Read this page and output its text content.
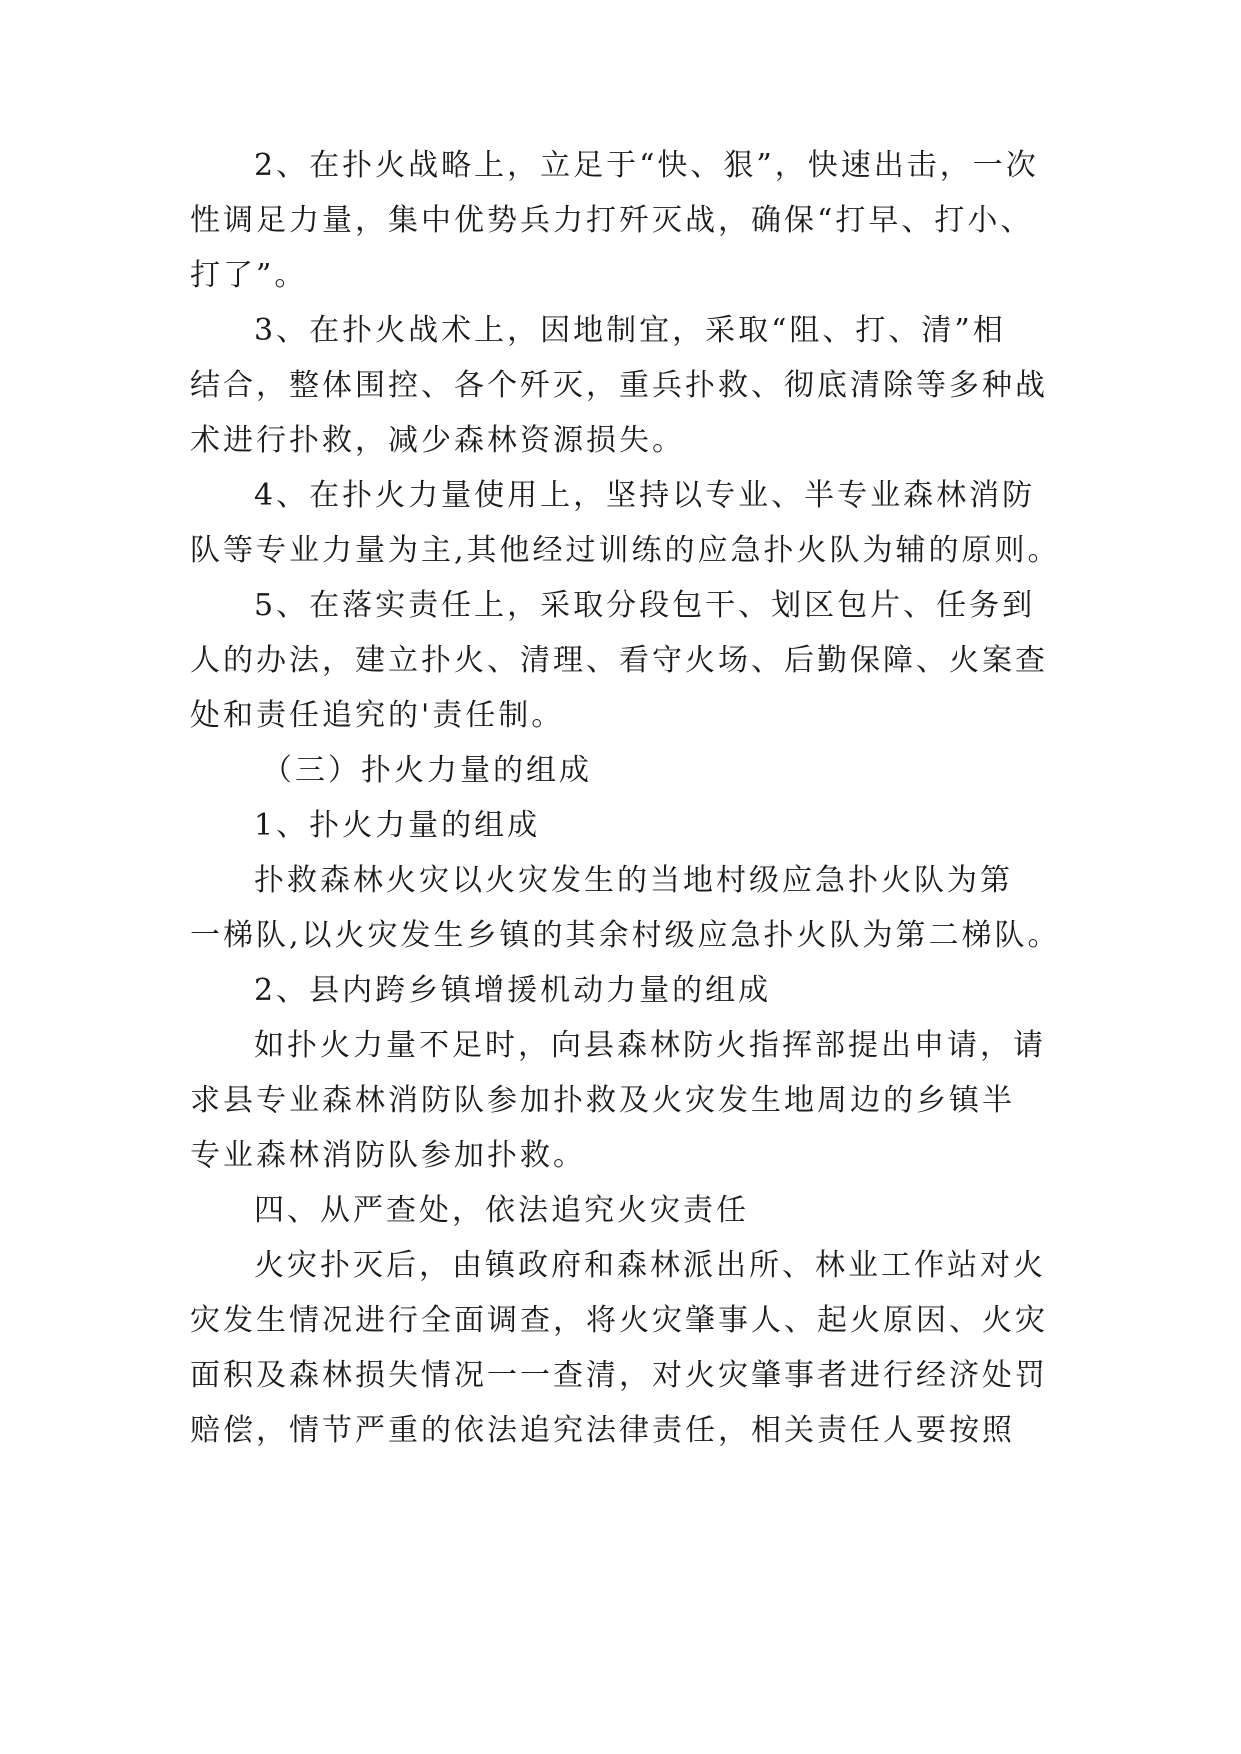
2、在扑火战略上，立足于“快、狠”，快速出击，一次
性调足力量，集中优势兵力打歼灭战，确保“打早、打小、
打了”。
3、在扑火战术上，因地制宜，采取“阻、打、清”相
结合，整体围控、各个歼灭，重兵扑救、彻底清除等多种战
术进行扑救，减少森林资源损失。
4、在扑火力量使用上，坚持以专业、半专业森林消防
队等专业力量为主,其他经过训练的应急扑火队为辅的原则。
5、在落实责任上，采取分段包干、划区包片、任务到
人的办法，建立扑火、清理、看守火场、后勤保障、火案查
处和责任追究的'责任制。
（三）扑火力量的组成
1、扑火力量的组成
扑救森林火灾以火灾发生的当地村级应急扑火队为第
一梯队,以火灾发生乡镇的其余村级应急扑火队为第二梯队。
2、县内跨乡镇增援机动力量的组成
如扑火力量不足时，向县森林防火指挥部提出申请，请
求县专业森林消防队参加扑救及火灾发生地周边的乡镇半
专业森林消防队参加扑救。
四、从严查处，依法追究火灾责任
火灾扑灭后，由镇政府和森林派出所、林业工作站对火
灾发生情况进行全面调查，将火灾肇事人、起火原因、火灾
面积及森林损失情况一一查清，对火灾肇事者进行经济处罚
赔偿，情节严重的依法追究法律责任，相关责任人要按照
